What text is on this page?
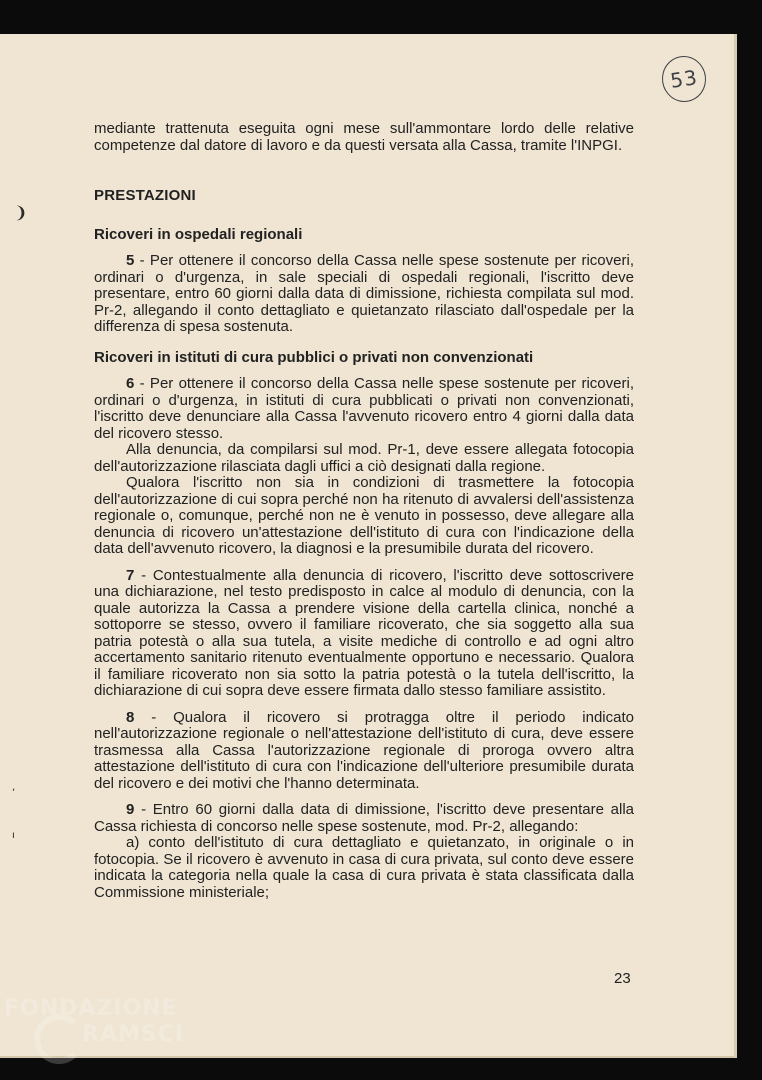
53
❩
,
ı

mediante trattenuta eseguita ogni mese sull'ammontare lordo delle relative competenze dal datore di lavoro e da questi versata alla Cassa, tramite l'INPGI.

PRESTAZIONI
Ricoveri in ospedali regionali

5 - Per ottenere il concorso della Cassa nelle spese sostenute per ricoveri, ordinari o d'urgenza, in sale speciali di ospedali regionali, l'iscritto deve presentare, entro 60 giorni dalla data di dimissione, richiesta compilata sul mod. Pr-2, allegando il conto dettagliato e quietanzato rilasciato dall'ospedale per la differenza di spesa sostenuta.

Ricoveri in istituti di cura pubblici o privati non convenzionati

6 - Per ottenere il concorso della Cassa nelle spese sostenute per ricoveri, ordinari o d'urgenza, in istituti di cura pubblicati o privati non convenzionati, l'iscritto deve denunciare alla Cassa l'avvenuto ricovero entro 4 giorni dalla data del ricovero stesso.

Alla denuncia, da compilarsi sul mod. Pr-1, deve essere allegata fotocopia dell'autorizzazione rilasciata dagli uffici a ciò designati dalla regione.

Qualora l'iscritto non sia in condizioni di trasmettere la fotocopia dell'autorizzazione di cui sopra perché non ha ritenuto di avvalersi dell'assistenza regionale o, comunque, perché non ne è venuto in possesso, deve allegare alla denuncia di ricovero un'attestazione dell'istituto di cura con l'indicazione della data dell'avvenuto ricovero, la diagnosi e la presumibile durata del ricovero.

7 - Contestualmente alla denuncia di ricovero, l'iscritto deve sottoscrivere una dichiarazione, nel testo predisposto in calce al modulo di denuncia, con la quale autorizza la Cassa a prendere visione della cartella clinica, nonché a sottoporre se stesso, ovvero il familiare ricoverato, che sia soggetto alla sua patria potestà o alla sua tutela, a visite mediche di controllo e ad ogni altro accertamento sanitario ritenuto eventualmente opportuno e necessario. Qualora il familiare ricoverato non sia sotto la patria potestà o la tutela dell'iscritto, la dichiarazione di cui sopra deve essere firmata dallo stesso familiare assistito.

8 - Qualora il ricovero si protragga oltre il periodo indicato nell'autorizzazione regionale o nell'attestazione dell'istituto di cura, deve essere trasmessa alla Cassa l'autorizzazione regionale di proroga ovvero altra attestazione dell'istituto di cura con l'indicazione dell'ulteriore presumibile durata del ricovero e dei motivi che l'hanno determinata.

9 - Entro 60 giorni dalla data di dimissione, l'iscritto deve presentare alla Cassa richiesta di concorso nelle spese sostenute, mod. Pr-2, allegando:

a) conto dell'istituto di cura dettagliato e quietanzato, in originale o in fotocopia. Se il ricovero è avvenuto in casa di cura privata, sul conto deve essere indicata la categoria nella quale la casa di cura privata è stata classificata dalla Commissione ministeriale;

23
FONDAZIONE
RAMSCI
